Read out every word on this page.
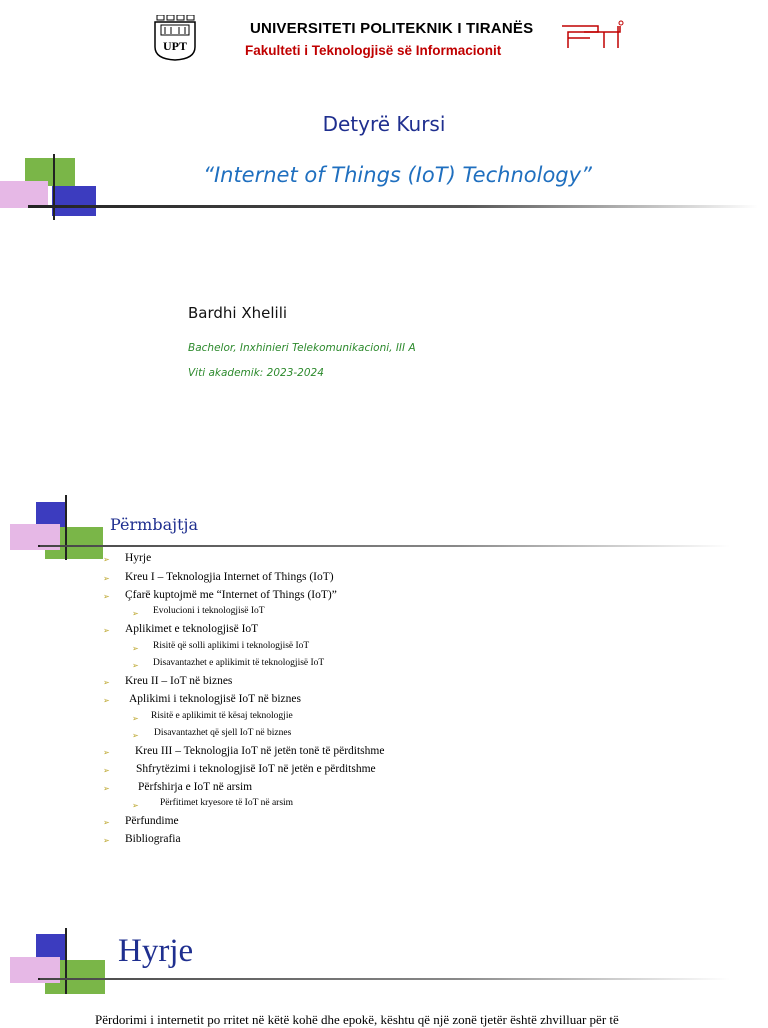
UPT
UNIVERSITETI POLITEKNIK I TIRANËS
Fakulteti i Teknologjisë së Informacionit
Detyrë Kursi
“Internet of Things (IoT) Technology”
Bardhi Xhelili
Bachelor, Inxhinieri Telekomunikacioni, III A
Viti akademik: 2023-2024
Përmbajtja
➢ Hyrje
➢ Kreu I – Teknologjia Internet of Things (IoT)
➢ Çfarë kuptojmë me “Internet of Things (IoT)”
➢ Evolucioni i teknologjisë IoT
➢ Aplikimet e teknologjisë IoT
➢ Risitë që solli aplikimi i teknologjisë IoT
➢ Disavantazhet e aplikimit të teknologjisë IoT
➢ Kreu II – IoT në biznes
➢ Aplikimi i teknologjisë IoT në biznes
➢ Risitë e aplikimit të kësaj teknologjie
➢ Disavantazhet që sjell IoT në biznes
➢ Kreu III – Teknologjia IoT në jetën tonë të përditshme
➢ Shfrytëzimi i teknologjisë IoT në jetën e përditshme
➢ Përfshirja e IoT në arsim
➢ Përfitimet kryesore të IoT në arsim
➢ Përfundime
➢ Bibliografia
Hyrje
Përdorimi i internetit po rritet në këtë kohë dhe epokë, kështu që një zonë tjetër është zhvilluar për të
